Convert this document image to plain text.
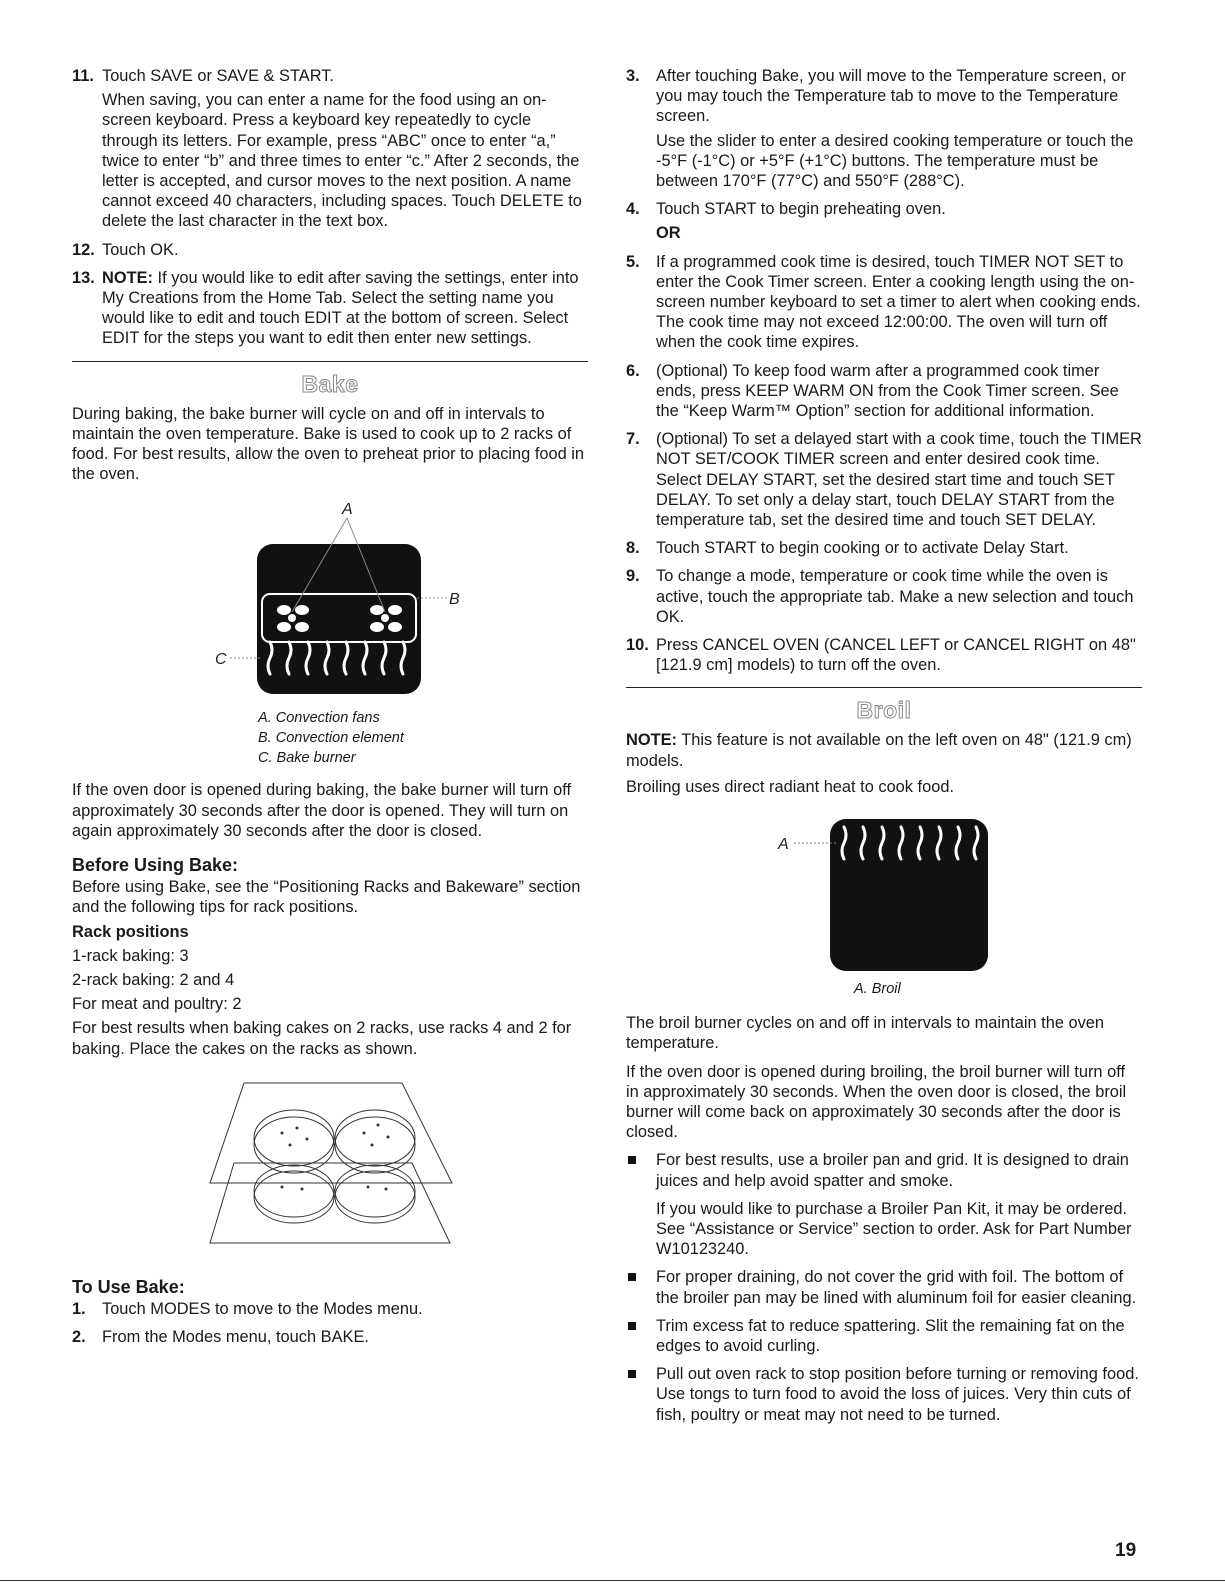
11. Touch SAVE or SAVE & START.

When saving, you can enter a name for the food using an on-screen keyboard. Press a keyboard key repeatedly to cycle through its letters. For example, press “ABC” once to enter “a,” twice to enter “b” and three times to enter “c.” After 2 seconds, the letter is accepted, and cursor moves to the next position. A name cannot exceed 40 characters, including spaces. Touch DELETE to delete the last character in the text box.

12. Touch OK.

13. NOTE: If you would like to edit after saving the settings, enter into My Creations from the Home Tab. Select the setting name you would like to edit and touch EDIT at the bottom of screen. Select EDIT for the steps you want to edit then enter new settings.

Bake

During baking, the bake burner will cycle on and off in intervals to maintain the oven temperature. Bake is used to cook up to 2 racks of food. For best results, allow the oven to preheat prior to placing food in the oven.

A
B
C
A. Convection fans
B. Convection element
C. Bake burner

If the oven door is opened during baking, the bake burner will turn off approximately 30 seconds after the door is opened. They will turn on again approximately 30 seconds after the door is closed.

Before Using Bake:

Before using Bake, see the “Positioning Racks and Bakeware” section and the following tips for rack positions.

Rack positions

1-rack baking: 3

2-rack baking: 2 and 4

For meat and poultry: 2

For best results when baking cakes on 2 racks, use racks 4 and 2 for baking. Place the cakes on the racks as shown.

To Use Bake:
1. Touch MODES to move to the Modes menu.

2. From the Modes menu, touch BAKE.

3. After touching Bake, you will move to the Temperature screen, or you may touch the Temperature tab to move to the Temperature screen.

Use the slider to enter a desired cooking temperature or touch the -5°F (-1°C) or +5°F (+1°C) buttons. The temperature must be between 170°F (77°C) and 550°F (288°C).

4. Touch START to begin preheating oven.

OR

5. If a programmed cook time is desired, touch TIMER NOT SET to enter the Cook Timer screen. Enter a cooking length using the on-screen number keyboard to set a timer to alert when cooking ends. The cook time may not exceed 12:00:00. The oven will turn off when the cook time expires.

6. (Optional) To keep food warm after a programmed cook timer ends, press KEEP WARM ON from the Cook Timer screen. See the “Keep Warm™ Option” section for additional information.

7. (Optional) To set a delayed start with a cook time, touch the TIMER NOT SET/COOK TIMER screen and enter desired cook time. Select DELAY START, set the desired start time and touch SET DELAY. To set only a delay start, touch DELAY START from the temperature tab, set the desired time and touch SET DELAY.

8. Touch START to begin cooking or to activate Delay Start.

9. To change a mode, temperature or cook time while the oven is active, touch the appropriate tab. Make a new selection and touch OK.

10. Press CANCEL OVEN (CANCEL LEFT or CANCEL RIGHT on 48" [121.9 cm] models) to turn off the oven.

Broil

NOTE: This feature is not available on the left oven on 48" (121.9 cm) models.

Broiling uses direct radiant heat to cook food.

A
A. Broil

The broil burner cycles on and off in intervals to maintain the oven temperature.

If the oven door is opened during broiling, the broil burner will turn off in approximately 30 seconds. When the oven door is closed, the broil burner will come back on approximately 30 seconds after the door is closed.

For best results, use a broiler pan and grid. It is designed to drain juices and help avoid spatter and smoke.

If you would like to purchase a Broiler Pan Kit, it may be ordered. See “Assistance or Service” section to order. Ask for Part Number W10123240.

For proper draining, do not cover the grid with foil. The bottom of the broiler pan may be lined with aluminum foil for easier cleaning.

Trim excess fat to reduce spattering. Slit the remaining fat on the edges to avoid curling.

Pull out oven rack to stop position before turning or removing food. Use tongs to turn food to avoid the loss of juices. Very thin cuts of fish, poultry or meat may not need to be turned.

19
